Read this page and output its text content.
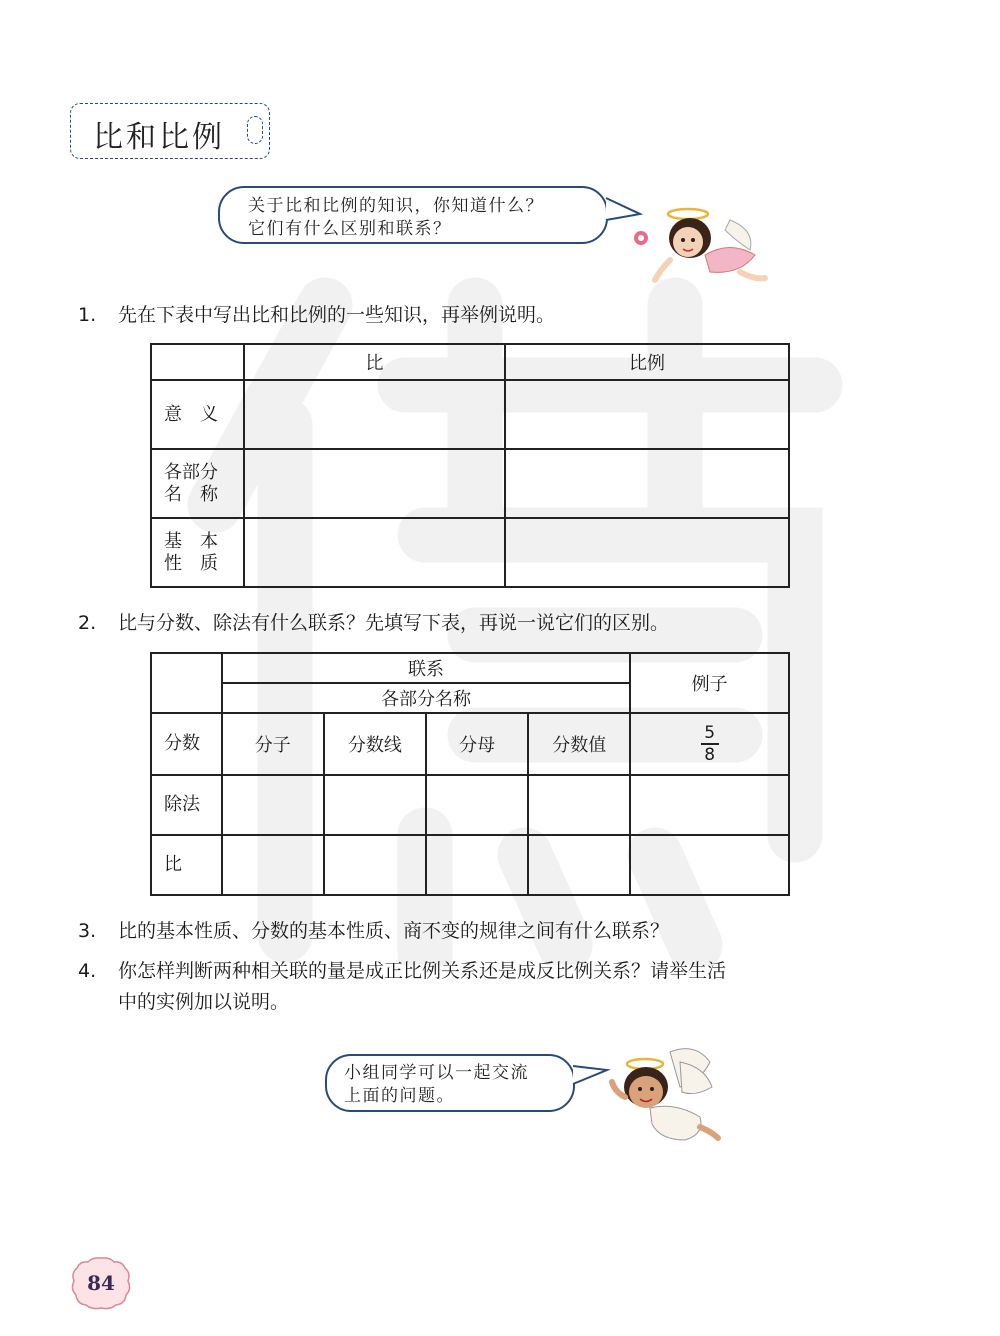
比和比例
关于比和比例的知识，你知道什么？
它们有什么区别和联系？
1. 先在下表中写出比和比例的一些知识，再举例说明。
	比	比例
意　义		

各部分
名　称		

基　本
性　质		

2. 比与分数、除法有什么联系？先填写下表，再说一说它们的区别。
	联系				例子
	各部分名称				
分数	分子	分数线	分母	分数值	$\frac{5}{8}$
除法					
比					
3. 比的基本性质、分数的基本性质、商不变的规律之间有什么联系？
4. 你怎样判断两种相关联的量是成正比例关系还是成反比例关系？请举生活
中的实例加以说明。
小组同学可以一起交流
上面的问题。
84
